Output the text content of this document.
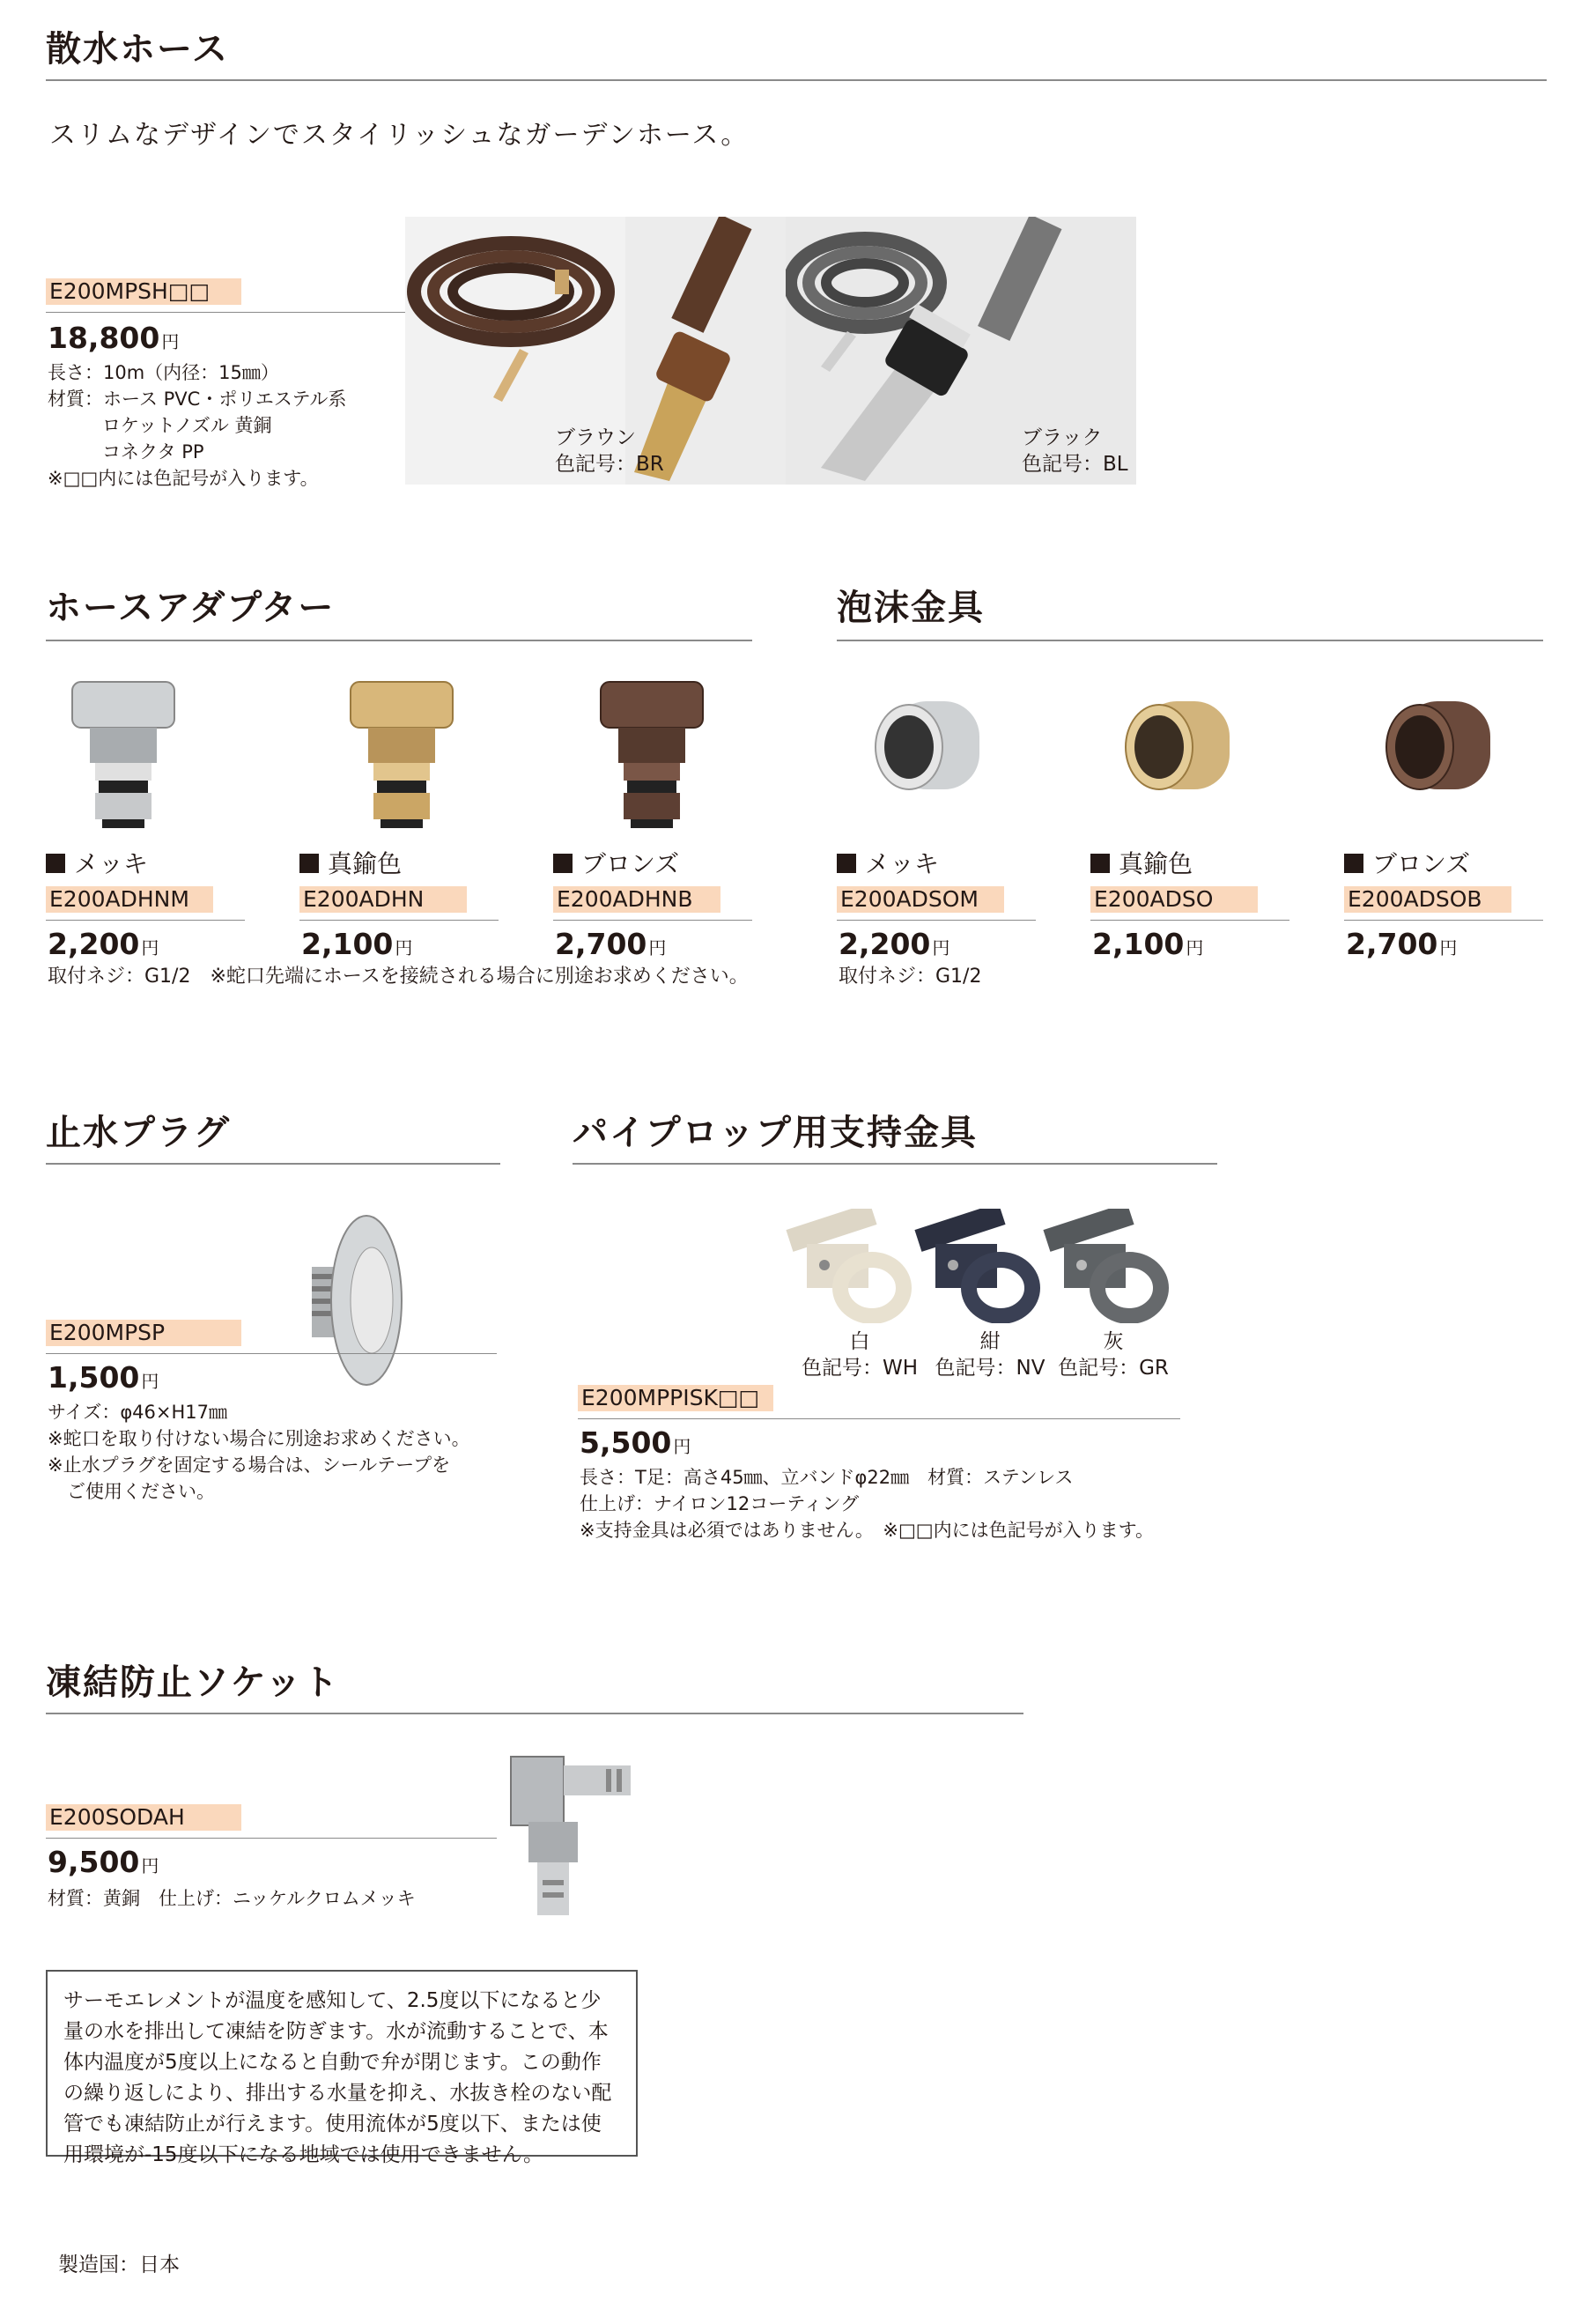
散水ホース
スリムなデザインでスタイリッシュなガーデンホース。
E200MPSH□□
18,800 円
長さ：10m（内径：15㎜）
材質：ホース PVC・ポリエステル系
ロケットノズル 黄銅
コネクタ PP
※□□内には色記号が入ります。
ブラウン
色記号：BR
ブラック
色記号：BL
ホースアダプター
メッキ
E200ADHNM
2,200 円
真鍮色
E200ADHN
2,100 円
ブロンズ
E200ADHNB
2,700 円
取付ネジ：G1/2　※蛇口先端にホースを接続される場合に別途お求めください。
泡沫金具
メッキ
E200ADSOM
2,200 円
真鍮色
E200ADSO
2,100 円
ブロンズ
E200ADSOB
2,700 円
取付ネジ：G1/2
止水プラグ
E200MPSP
1,500 円
サイズ：φ46×H17㎜
※蛇口を取り付けない場合に別途お求めください。
※止水プラグを固定する場合は、シールテープを
ご使用ください。
パイプロップ用支持金具
白
色記号：WH
紺
色記号：NV
灰
色記号：GR
E200MPPISK□□
5,500 円
長さ：T足：高さ45㎜、立バンドφ22㎜　材質：ステンレス
仕上げ：ナイロン12コーティング
※支持金具は必須ではありません。　※□□内には色記号が入ります。
凍結防止ソケット
E200SODAH
9,500 円
材質：黄銅　仕上げ：ニッケルクロムメッキ
サーモエレメントが温度を感知して、2.5度以下になると少量の水を排出して凍結を防ぎます。水が流動することで、本体内温度が5度以上になると自動で弁が閉じます。この動作の繰り返しにより、排出する水量を抑え、水抜き栓のない配管でも凍結防止が行えます。使用流体が5度以下、または使用環境が-15度以下になる地域では使用できません。
製造国：日本
